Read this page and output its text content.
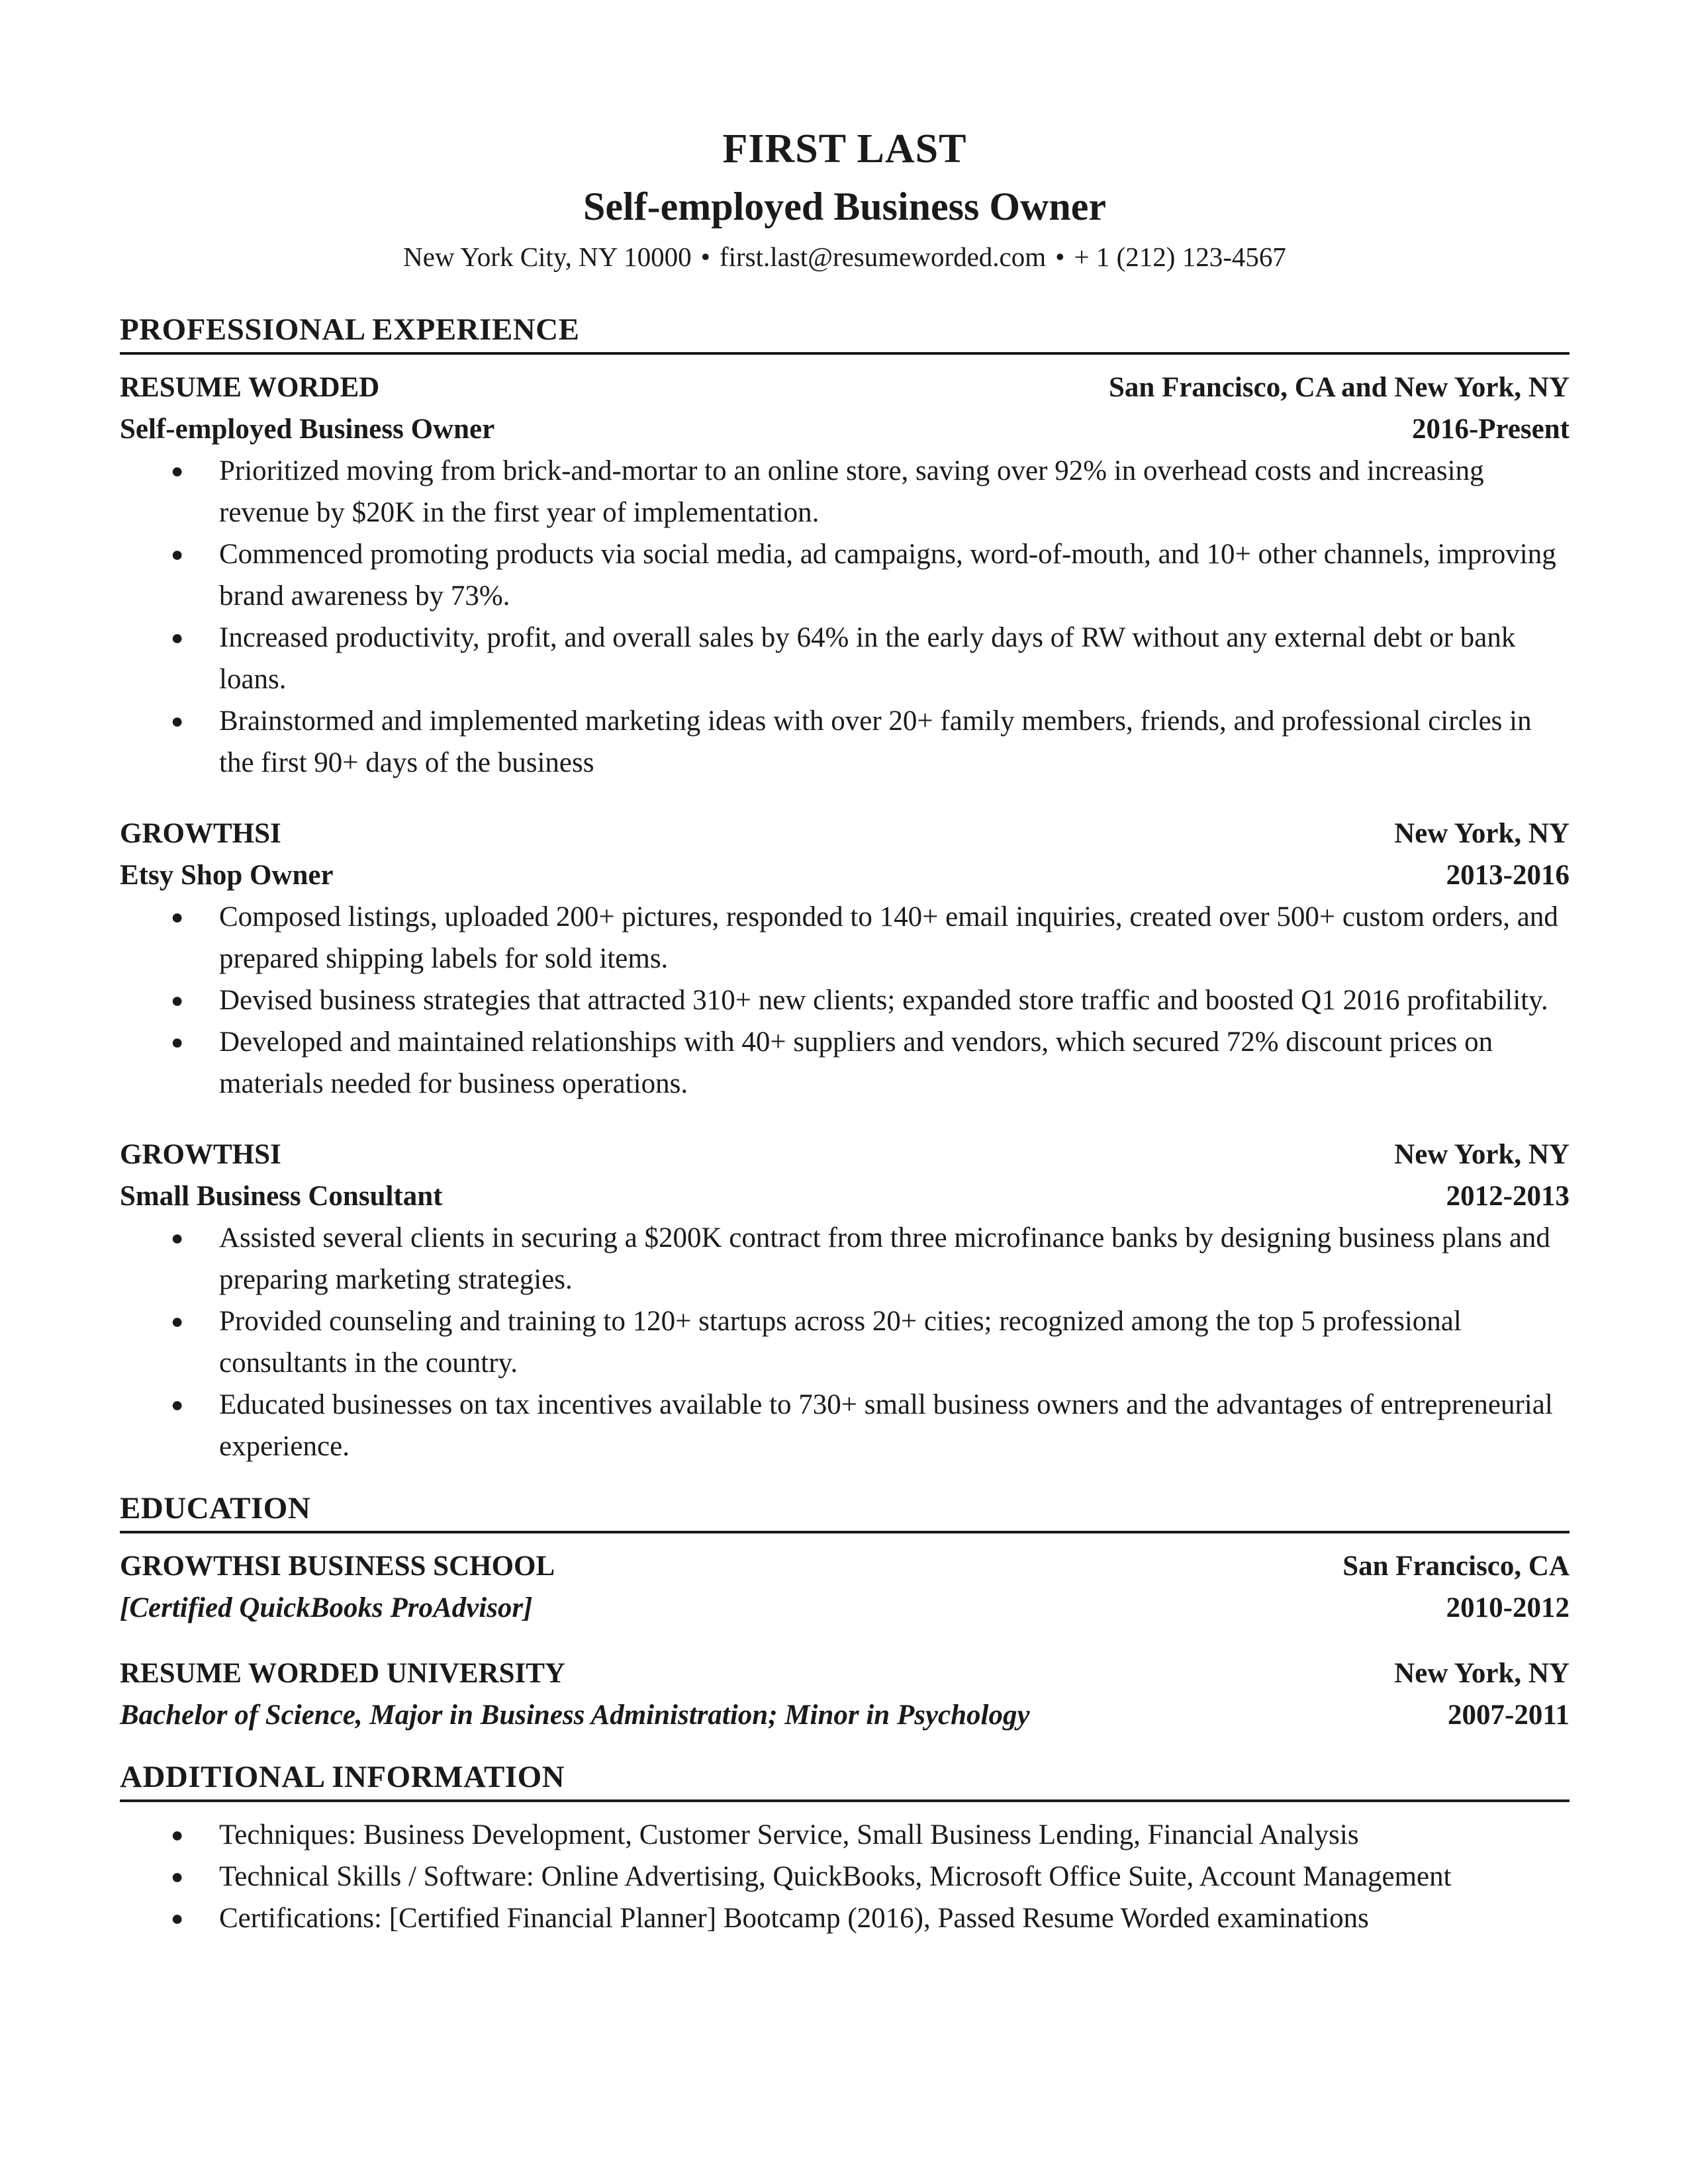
FIRST LAST
Self-employed Business Owner
New York City, NY 10000 • first.last@resumeworded.com • + 1 (212) 123-4567
PROFESSIONAL EXPERIENCE
RESUME WORDED	San Francisco, CA and New York, NY
Self-employed Business Owner	2016-Present
● Prioritized moving from brick-and-mortar to an online store, saving over 92% in overhead costs and increasing revenue by $20K in the first year of implementation.
● Commenced promoting products via social media, ad campaigns, word-of-mouth, and 10+ other channels, improving brand awareness by 73%.
● Increased productivity, profit, and overall sales by 64% in the early days of RW without any external debt or bank loans.
● Brainstormed and implemented marketing ideas with over 20+ family members, friends, and professional circles in the first 90+ days of the business
GROWTHSI	New York, NY
Etsy Shop Owner	2013-2016
● Composed listings, uploaded 200+ pictures, responded to 140+ email inquiries, created over 500+ custom orders, and prepared shipping labels for sold items.
● Devised business strategies that attracted 310+ new clients; expanded store traffic and boosted Q1 2016 profitability.
● Developed and maintained relationships with 40+ suppliers and vendors, which secured 72% discount prices on materials needed for business operations.
GROWTHSI	New York, NY
Small Business Consultant	2012-2013
● Assisted several clients in securing a $200K contract from three microfinance banks by designing business plans and preparing marketing strategies.
● Provided counseling and training to 120+ startups across 20+ cities; recognized among the top 5 professional consultants in the country.
● Educated businesses on tax incentives available to 730+ small business owners and the advantages of entrepreneurial experience.
EDUCATION
GROWTHSI BUSINESS SCHOOL	San Francisco, CA
[Certified QuickBooks ProAdvisor]	2010-2012
RESUME WORDED UNIVERSITY	New York, NY
Bachelor of Science, Major in Business Administration; Minor in Psychology	2007-2011
ADDITIONAL INFORMATION
● Techniques: Business Development, Customer Service, Small Business Lending, Financial Analysis
● Technical Skills / Software: Online Advertising, QuickBooks, Microsoft Office Suite, Account Management
● Certifications: [Certified Financial Planner] Bootcamp (2016), Passed Resume Worded examinations
